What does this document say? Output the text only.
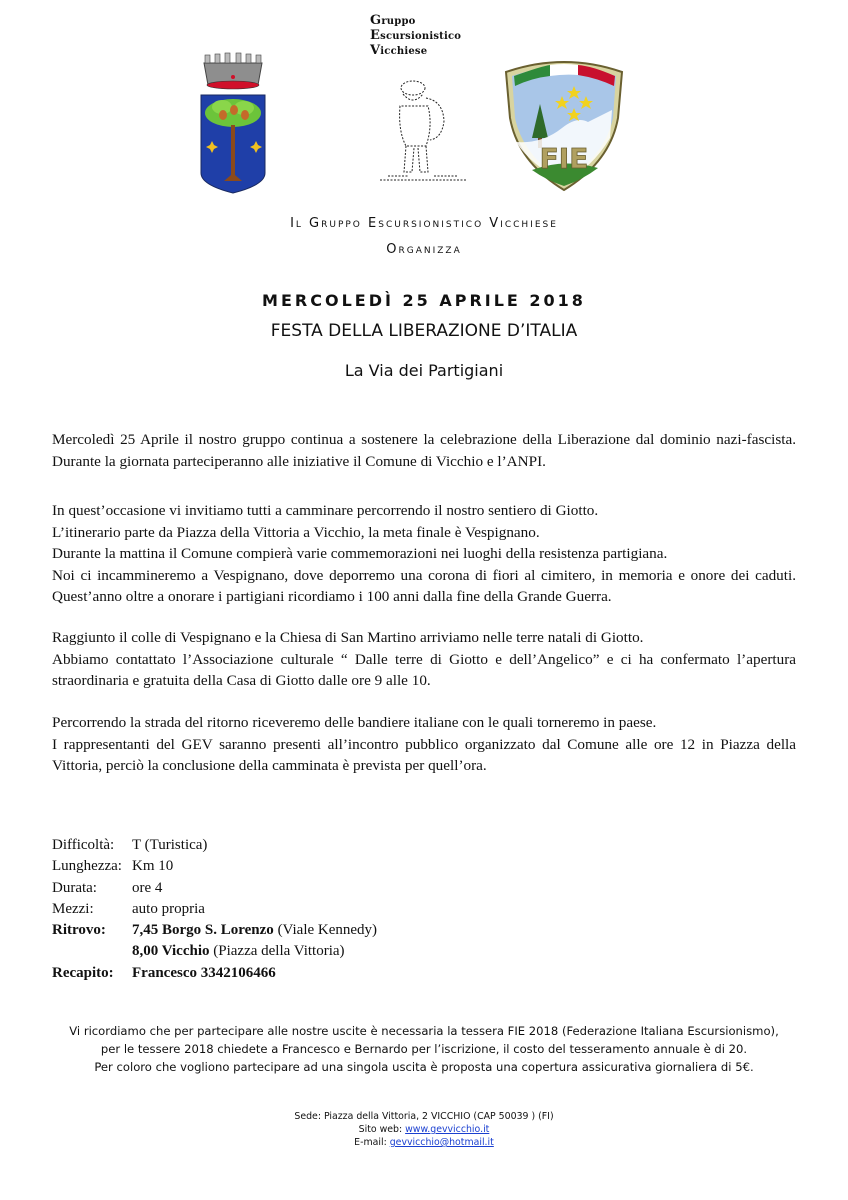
Gruppo
Escursionistico
Vicchiese
FIE
Il Gruppo Escursionistico Vicchiese
Organizza
MERCOLEDÌ 25 APRILE 2018
FESTA DELLA LIBERAZIONE D’ITALIA
La Via dei Partigiani

Mercoledì 25 Aprile il nostro gruppo continua a sostenere la celebrazione della Liberazione dal dominio nazi-fascista. Durante la giornata parteciperanno alle iniziative il Comune di Vicchio e l’ANPI.

In quest’occasione vi invitiamo tutti a camminare percorrendo il nostro sentiero di Giotto.

L’itinerario parte da Piazza della Vittoria a Vicchio, la meta finale è Vespignano.

Durante la mattina il Comune compierà varie commemorazioni nei luoghi della resistenza partigiana.

Noi ci incammineremo a Vespignano, dove deporremo una corona di fiori al cimitero, in memoria e onore dei caduti. Quest’anno oltre a onorare i partigiani ricordiamo i 100 anni dalla fine della Grande Guerra.

Raggiunto il colle di Vespignano e la Chiesa di San Martino arriviamo nelle terre natali di Giotto.

Abbiamo contattato l’Associazione culturale “ Dalle terre di Giotto e dell’Angelico” e ci ha confermato l’apertura straordinaria e gratuita della Casa di Giotto dalle ore 9 alle 10.

Percorrendo la strada del ritorno riceveremo delle bandiere italiane con le quali torneremo in paese.

I rappresentanti del GEV saranno presenti all’incontro pubblico organizzato dal Comune alle ore 12 in Piazza della Vittoria, perciò la conclusione della camminata è prevista per quell’ora.

Difficoltà:	T (Turistica)
Lunghezza: Km 10
Durata:	ore 4
Mezzi:	auto propria
Ritrovo:	7,45 Borgo S. Lorenzo (Viale Kennedy)
8,00 Vicchio (Piazza della Vittoria)
Recapito:	Francesco 3342106466
Vi ricordiamo che per partecipare alle nostre uscite è necessaria la tessera FIE 2018 (Federazione Italiana Escursionismo),
per le tessere 2018 chiedete a Francesco e Bernardo per l’iscrizione, il costo del tesseramento annuale è di 20.
Per coloro che vogliono partecipare ad una singola uscita è proposta una copertura assicurativa giornaliera di 5€.
Sede: Piazza della Vittoria, 2 VICCHIO (CAP 50039 ) (FI)
Sito web: www.gevvicchio.it
E-mail: gevvicchio@hotmail.it
